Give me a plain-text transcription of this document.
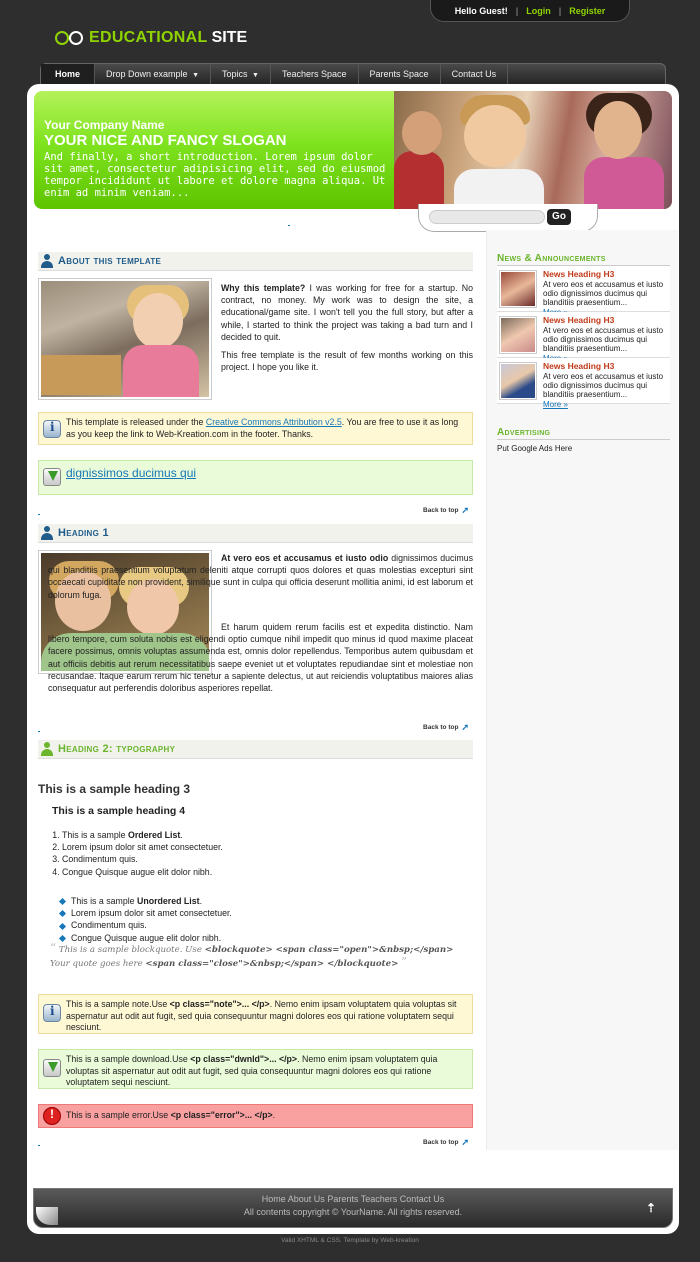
Hello Guest! | Login | Register
EDUCATIONAL SITE
Home	Drop Down example ▼	Topics ▼	Teachers Space	Parents Space	Contact Us
Your Company Name
YOUR NICE AND FANCY SLOGAN
And finally, a short introduction. Lorem ipsum dolor sit amet, consectetur adipisicing elit, sed do eiusmod tempor incididunt ut labore et dolore magna aliqua. Ut enim ad minim veniam...
Go
About this template
Why this template? I was working for free for a startup. No contract, no money. My work was to design the site, a educational/game site. I won't tell you the full story, but after a while, I started to think the project was taking a bad turn and I decided to quit.
This free template is the result of few months working on this project. I hope you like it.
i
This template is released under the Creative Commons Attribution v2.5. You are free to use it as long as you keep the link to Web-Kreation.com in the footer. Thanks.
dignissimos ducimus qui
Back to top ➚
Heading 1
At vero eos et accusamus et iusto odio dignissimos ducimus qui blanditiis praesentium voluptatum deleniti atque corrupti quos dolores et quas molestias excepturi sint occaecati cupiditate non provident, similique sunt in culpa qui officia deserunt mollitia animi, id est laborum et dolorum fuga.
Et harum quidem rerum facilis est et expedita distinctio. Nam libero tempore, cum soluta nobis est eligendi optio cumque nihil impedit quo minus id quod maxime placeat facere possimus, omnis voluptas assumenda est, omnis dolor repellendus. Temporibus autem quibusdam et aut officiis debitis aut rerum necessitatibus saepe eveniet ut et voluptates repudiandae sint et molestiae non recusandae. Itaque earum rerum hic tenetur a sapiente delectus, ut aut reiciendis voluptatibus maiores alias consequatur aut perferendis doloribus asperiores repellat.
Back to top ➚
Heading 2: typography
This is a sample heading 3
This is a sample heading 4
1. This is a sample Ordered List.
2. Lorem ipsum dolor sit amet consectetuer.
3. Condimentum quis.
4. Congue Quisque augue elit dolor nibh.
This is a sample Unordered List.
Lorem ipsum dolor sit amet consectetuer.
Condimentum quis.
Congue Quisque augue elit dolor nibh.
“ This is a sample blockquote. Use <blockquote> <span class="open">&nbsp;</span> Your quote goes here <span class="close">&nbsp;</span> </blockquote> ”
i
This is a sample note.Use <p class="note">... </p>. Nemo enim ipsam voluptatem quia voluptas sit aspernatur aut odit aut fugit, sed quia consequuntur magni dolores eos qui ratione voluptatem sequi nesciunt.
This is a sample download.Use <p class="dwnld">... </p>. Nemo enim ipsam voluptatem quia voluptas sit aspernatur aut odit aut fugit, sed quia consequuntur magni dolores eos qui ratione voluptatem sequi nesciunt.
!
This is a sample error.Use <p class="error">... </p>.
Back to top ➚
News & Announcements
News Heading H3
At vero eos et accusamus et iusto odio dignissimos ducimus qui blanditiis praesentium...

News Heading H3
At vero eos et accusamus et iusto odio dignissimos ducimus qui blanditiis praesentium...

News Heading H3
At vero eos et accusamus et iusto odio dignissimos ducimus qui blanditiis praesentium...
More »
Advertising
Put Google Ads Here
Home About Us Parents Teachers Contact Us
All contents copyright © YourName. All rights reserved.	⇡
Valid XHTML & CSS. Template by Web-kreation
